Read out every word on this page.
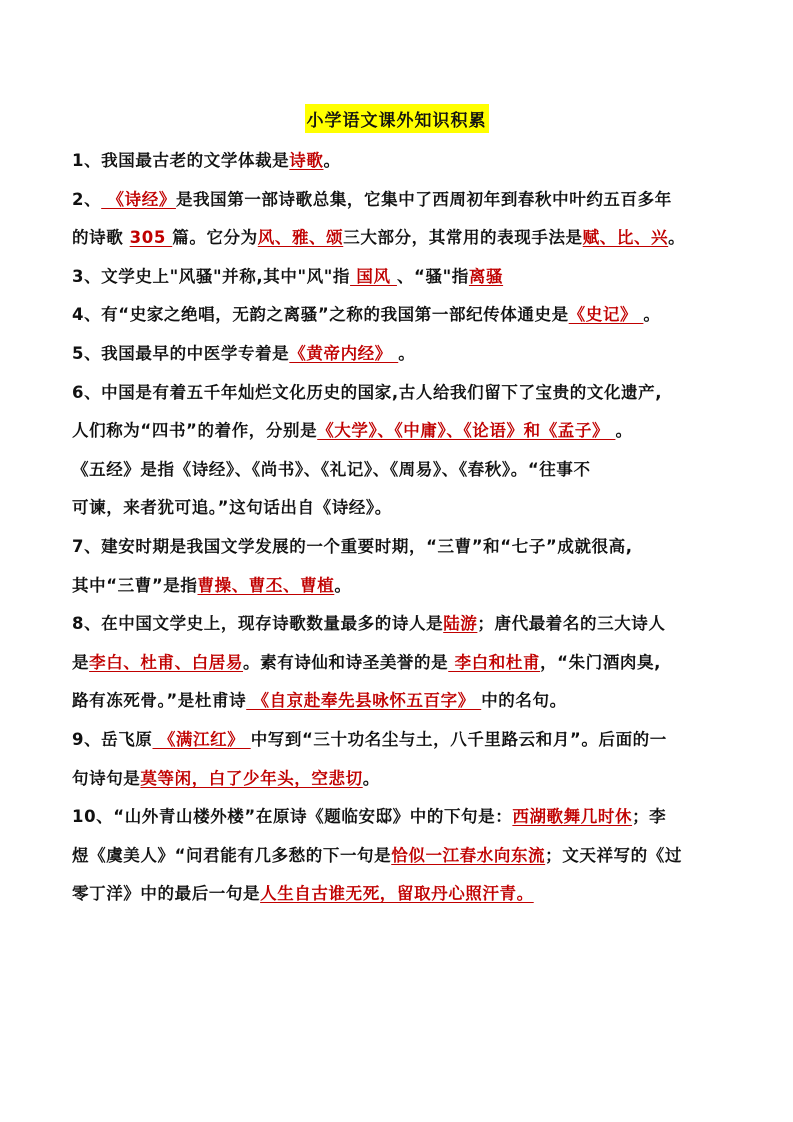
小学语文课外知识积累
1、我国最古老的文学体裁是诗歌。
2、 《诗经》是我国第一部诗歌总集，它集中了西周初年到春秋中叶约五百多年
的诗歌 305 篇。它分为风、雅、颂三大部分，其常用的表现手法是赋、比、兴。
3、文学史上"风骚"并称,其中"风"指 国风 、“骚"指离骚
4、有“史家之绝唱，无韵之离骚”之称的我国第一部纪传体通史是《史记》 。
5、我国最早的中医学专着是《黄帝内经》 。
6、中国是有着五千年灿烂文化历史的国家,古人给我们留下了宝贵的文化遗产,
人们称为“四书”的着作，分别是《大学》、《中庸》、《论语》和《孟子》 。
《五经》是指《诗经》、《尚书》、《礼记》、《周易》、《春秋》。“往事不
可谏，来者犹可追。”这句话出自《诗经》。
7、建安时期是我国文学发展的一个重要时期，“三曹”和“七子”成就很高,
其中“三曹”是指曹操、曹丕、曹植。
8、在中国文学史上，现存诗歌数量最多的诗人是陆游；唐代最着名的三大诗人
是李白、杜甫、白居易。素有诗仙和诗圣美誉的是 李白和杜甫，“朱门酒肉臭,
路有冻死骨。”是杜甫诗 《自京赴奉先县咏怀五百字》 中的名句。
9、岳飞原 《满江红》 中写到“三十功名尘与土，八千里路云和月”。后面的一
句诗句是莫等闲，白了少年头，空悲切。
10、“山外青山楼外楼”在原诗《题临安邸》中的下句是：西湖歌舞几时休；李
煜《虞美人》“问君能有几多愁的下一句是恰似一江春水向东流；文天祥写的《过
零丁洋》中的最后一句是人生自古谁无死，留取丹心照汗青。
